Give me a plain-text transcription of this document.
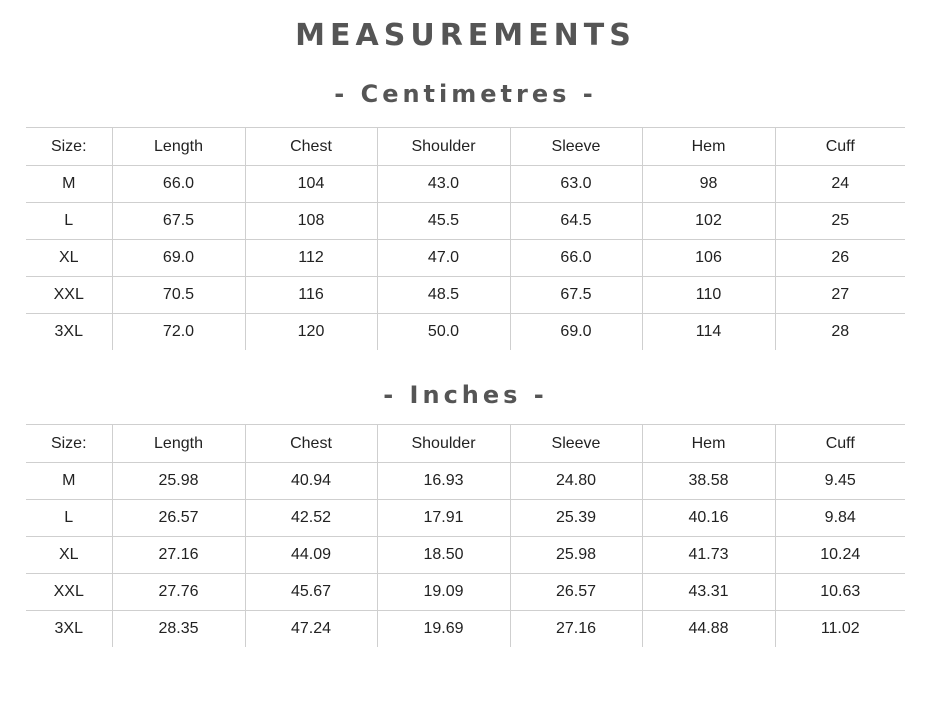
MEASUREMENTS
- Centimetres -
Size:	Length	Chest	Shoulder	Sleeve	Hem	Cuff
M	66.0	104	43.0	63.0	98	24
L	67.5	108	45.5	64.5	102	25
XL	69.0	112	47.0	66.0	106	26
XXL	70.5	116	48.5	67.5	110	27
3XL	72.0	120	50.0	69.0	114	28
- Inches -
Size:	Length	Chest	Shoulder	Sleeve	Hem	Cuff
M	25.98	40.94	16.93	24.80	38.58	9.45
L	26.57	42.52	17.91	25.39	40.16	9.84
XL	27.16	44.09	18.50	25.98	41.73	10.24
XXL	27.76	45.67	19.09	26.57	43.31	10.63
3XL	28.35	47.24	19.69	27.16	44.88	11.02
